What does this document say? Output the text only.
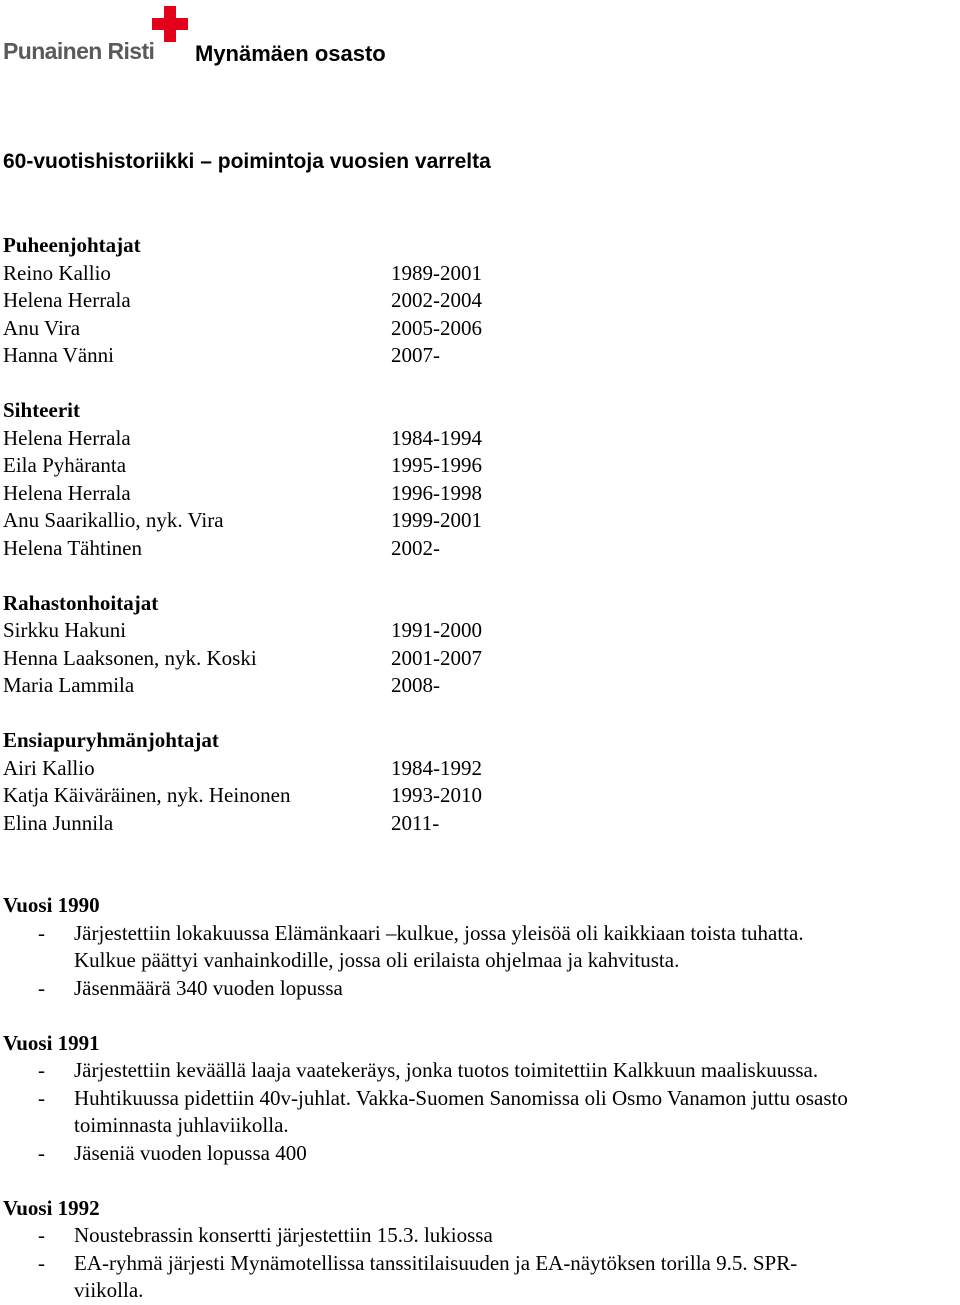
Punainen Risti Mynämäen osasto
60-vuotishistoriikki – poimintoja vuosien varrelta
Puheenjohtajat
Reino Kallio	1989-2001
Helena Herrala	2002-2004
Anu Vira	2005-2006
Hanna Vänni	2007-
Sihteerit
Helena Herrala	1984-1994
Eila Pyhäranta	1995-1996
Helena Herrala	1996-1998
Anu Saarikallio, nyk. Vira	1999-2001
Helena Tähtinen	2002-
Rahastonhoitajat
Sirkku Hakuni	1991-2000
Henna Laaksonen, nyk. Koski	2001-2007
Maria Lammila	2008-
Ensiapuryhmänjohtajat
Airi Kallio	1984-1992
Katja Käiväräinen, nyk. Heinonen	1993-2010
Elina Junnila	2011-
Vuosi 1990
- Järjestettiin lokakuussa Elämänkaari –kulkue, jossa yleisöä oli kaikkiaan toista tuhatta.
Kulkue päättyi vanhainkodille, jossa oli erilaista ohjelmaa ja kahvitusta.
- Jäsenmäärä 340 vuoden lopussa
Vuosi 1991
- Järjestettiin keväällä laaja vaatekeräys, jonka tuotos toimitettiin Kalkkuun maaliskuussa.
- Huhtikuussa pidettiin 40v-juhlat. Vakka-Suomen Sanomissa oli Osmo Vanamon juttu osasto
toiminnasta juhlaviikolla.
- Jäseniä vuoden lopussa 400
Vuosi 1992
- Noustebrassin konsertti järjestettiin 15.3. lukiossa
- EA-ryhmä järjesti Mynämotellissa tanssitilaisuuden ja EA-näytöksen torilla 9.5. SPR-
viikolla.
